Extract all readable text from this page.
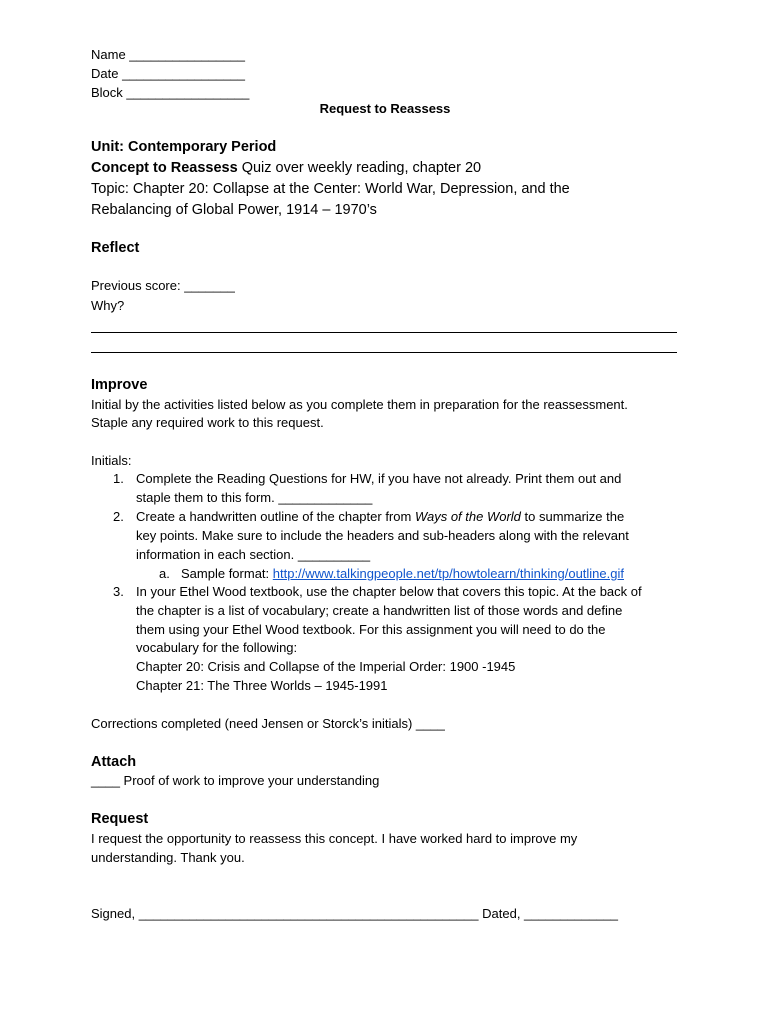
Name ________________
Date _________________
Block _________________
Request to Reassess
Unit: Contemporary Period
Concept to Reassess Quiz over weekly reading, chapter 20
Topic: Chapter 20: Collapse at the Center: World War, Depression, and the
Rebalancing of Global Power, 1914 – 1970’s
Reflect
Previous score: _______
Why?
Improve
Initial by the activities listed below as you complete them in preparation for the reassessment.
Staple any required work to this request.
Initials:
1. Complete the Reading Questions for HW, if you have not already. Print them out and
staple them to this form. _____________
2. Create a handwritten outline of the chapter from Ways of the World to summarize the
key points. Make sure to include the headers and sub-headers along with the relevant
information in each section. __________
a. Sample format: http://www.talkingpeople.net/tp/howtolearn/thinking/outline.gif
3. In your Ethel Wood textbook, use the chapter below that covers this topic. At the back of
the chapter is a list of vocabulary; create a handwritten list of those words and define
them using your Ethel Wood textbook. For this assignment you will need to do the
vocabulary for the following:
Chapter 20: Crisis and Collapse of the Imperial Order: 1900 -1945
Chapter 21: The Three Worlds – 1945-1991
Corrections completed (need Jensen or Storck’s initials) ____
Attach
____ Proof of work to improve your understanding
Request
I request the opportunity to reassess this concept. I have worked hard to improve my
understanding. Thank you.
Signed, _______________________________________________ Dated, _____________
